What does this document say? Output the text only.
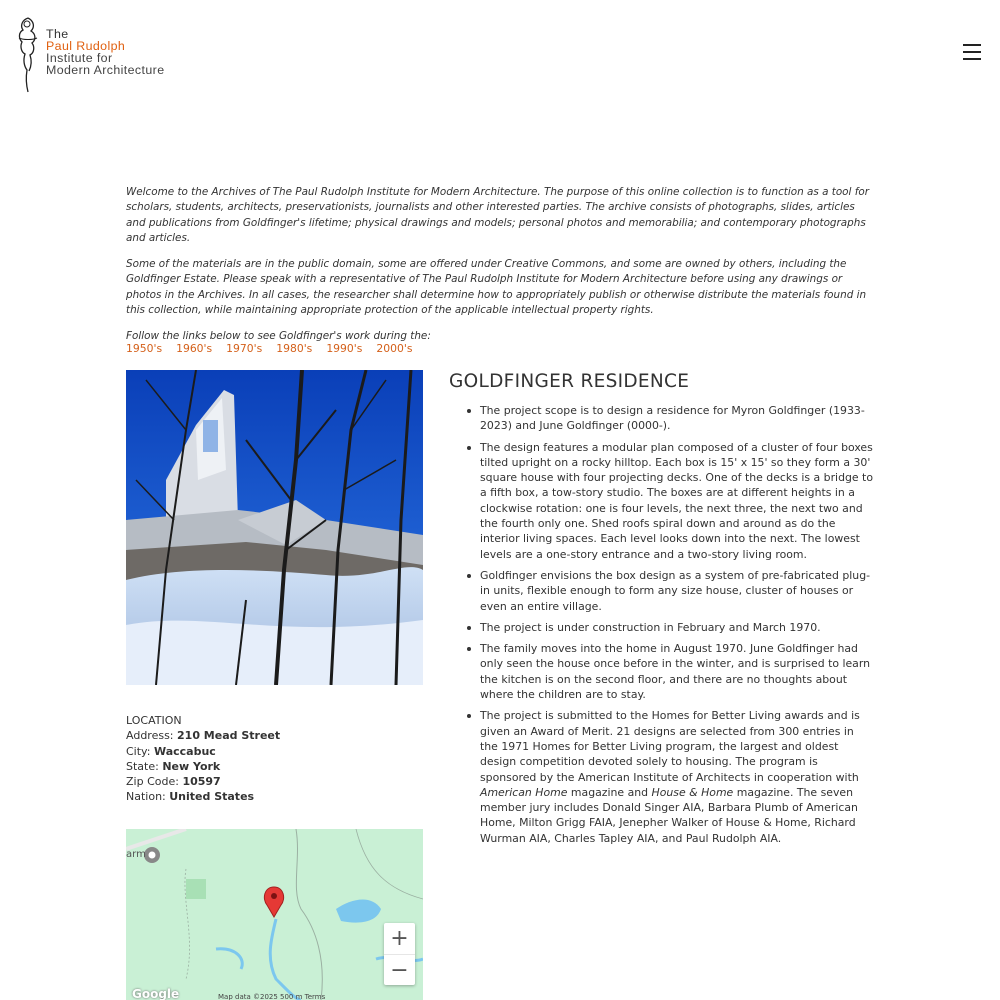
The
Paul Rudolph
Institute for
Modern Architecture

Welcome to the Archives of The Paul Rudolph Institute for Modern Architecture. The purpose of this online collection is to function as a tool for scholars, students, architects, preservationists, journalists and other interested parties. The archive consists of photographs, slides, articles and publications from Goldfinger's lifetime; physical drawings and models; personal photos and memorabilia; and contemporary photographs and articles.

Some of the materials are in the public domain, some are offered under Creative Commons, and some are owned by others, including the Goldfinger Estate. Please speak with a representative of The Paul Rudolph Institute for Modern Architecture before using any drawings or photos in the Archives. In all cases, the researcher shall determine how to appropriately publish or otherwise distribute the materials found in this collection, while maintaining appropriate protection of the applicable intellectual property rights.

Follow the links below to see Goldfinger's work during the:

1950's 1960's 1970's 1980's 1990's 2000's
LOCATION
Address: 210 Mead Street
City: Waccabuc
State: New York
Zip Code: 10597
Nation: United States
arm
+
−
Google	Map data ©2025 500 m Terms
GOLDFINGER RESIDENCE
The project scope is to design a residence for Myron Goldfinger (1933-2023) and June Goldfinger (0000-).
The design features a modular plan composed of a cluster of four boxes tilted upright on a rocky hilltop. Each box is 15' x 15' so they form a 30' square house with four projecting decks. One of the decks is a bridge to a fifth box, a tow-story studio. The boxes are at different heights in a clockwise rotation: one is four levels, the next three, the next two and the fourth only one. Shed roofs spiral down and around as do the interior living spaces. Each level looks down into the next. The lowest levels are a one-story entrance and a two-story living room.
Goldfinger envisions the box design as a system of pre-fabricated plug-in units, flexible enough to form any size house, cluster of houses or even an entire village.
The project is under construction in February and March 1970.
The family moves into the home in August 1970. June Goldfinger had only seen the house once before in the winter, and is surprised to learn the kitchen is on the second floor, and there are no thoughts about where the children are to stay.
The project is submitted to the Homes for Better Living awards and is given an Award of Merit. 21 designs are selected from 300 entries in the 1971 Homes for Better Living program, the largest and oldest design competition devoted solely to housing. The program is sponsored by the American Institute of Architects in cooperation with American Home magazine and House & Home magazine. The seven member jury includes Donald Singer AIA, Barbara Plumb of American Home, Milton Grigg FAIA, Jenepher Walker of House & Home, Richard Wurman AIA, Charles Tapley AIA, and Paul Rudolph AIA.
